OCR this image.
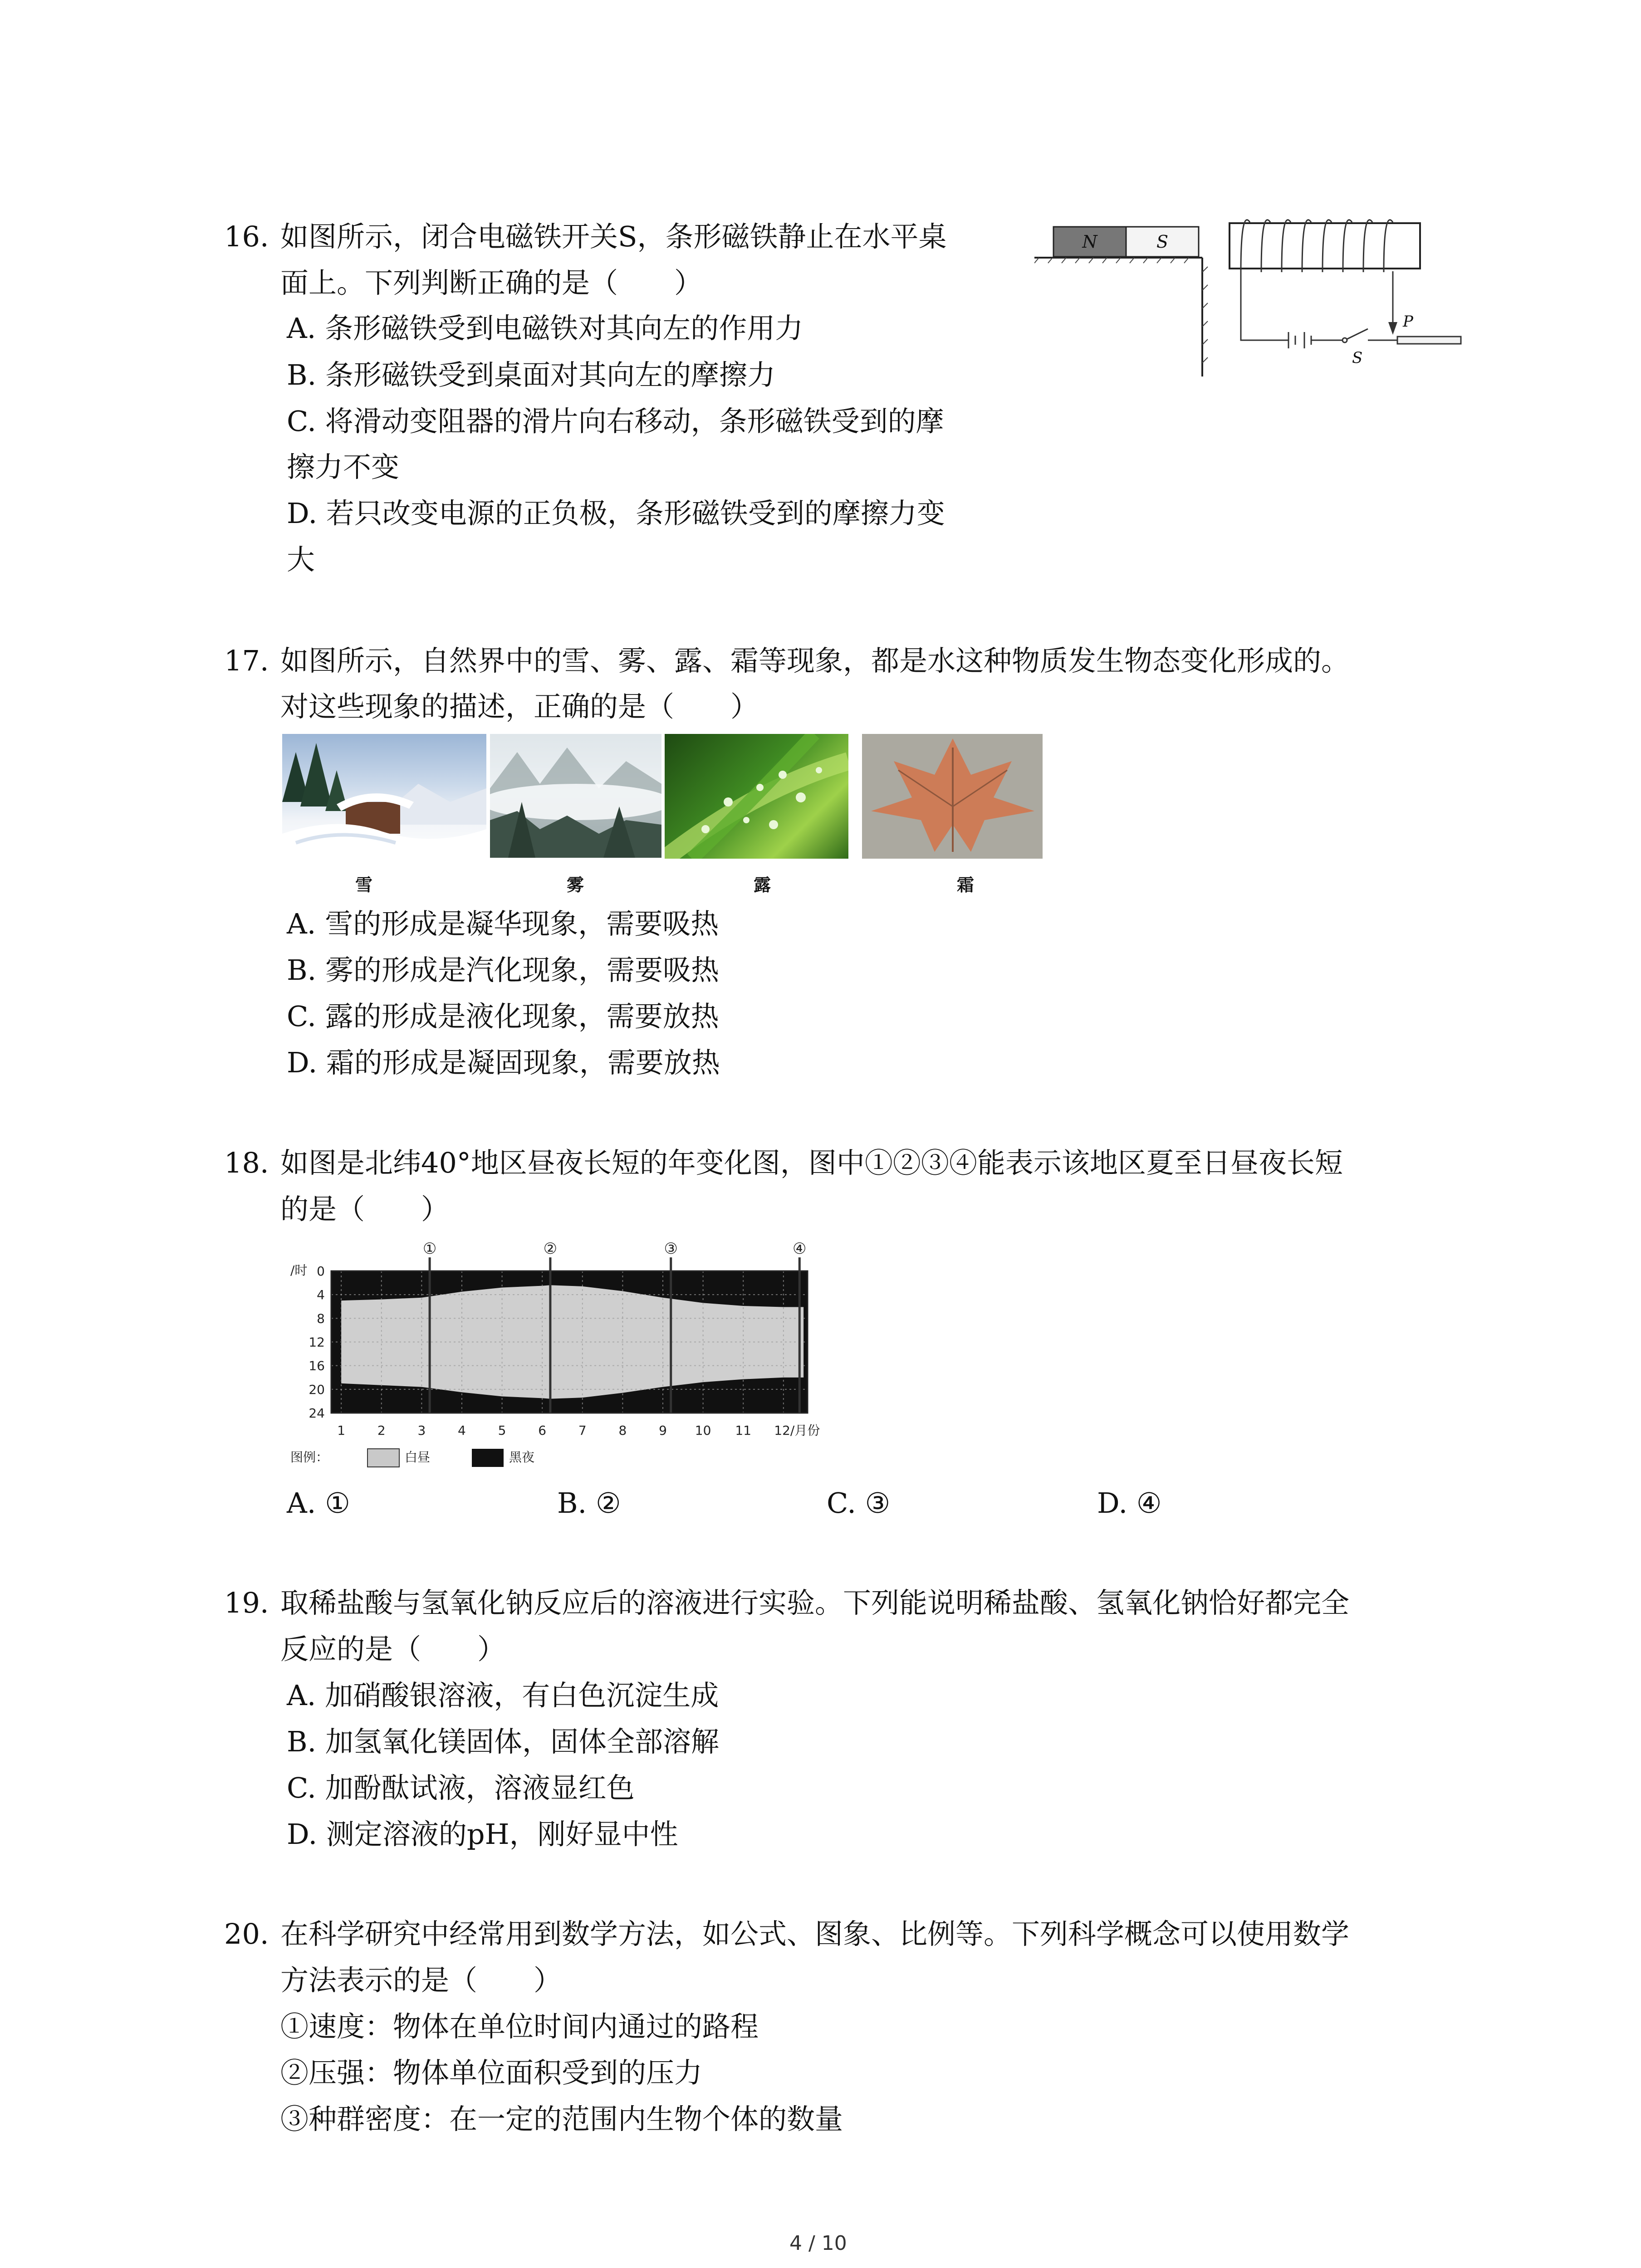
16. 如图所示，闭合电磁铁开关S，条形磁铁静止在水平桌
面上。下列判断正确的是（　　）
A. 条形磁铁受到电磁铁对其向左的作用力
B. 条形磁铁受到桌面对其向左的摩擦力
C. 将滑动变阻器的滑片向右移动，条形磁铁受到的摩
擦力不变
D. 若只改变电源的正负极，条形磁铁受到的摩擦力变
大
N	S
S
P
17. 如图所示，自然界中的雪、雾、露、霜等现象，都是水这种物质发生物态变化形成的。
对这些现象的描述，正确的是（　　）
雪	雾	露	霜
A. 雪的形成是凝华现象，需要吸热
B. 雾的形成是汽化现象，需要吸热
C. 露的形成是液化现象，需要放热
D. 霜的形成是凝固现象，需要放热
18. 如图是北纬40°地区昼夜长短的年变化图，图中①②③④能表示该地区夏至日昼夜长短
的是（　　）
①	②	③	④
/时 0
4
8
12
16
20
24
1	2	3	4	5	6	7	8	9 10 11 12/月份
图例：	白昼	黑夜
A. ①	B. ②	C. ③	D. ④
19. 取稀盐酸与氢氧化钠反应后的溶液进行实验。下列能说明稀盐酸、氢氧化钠恰好都完全
反应的是（　　）
A. 加硝酸银溶液，有白色沉淀生成
B. 加氢氧化镁固体，固体全部溶解
C. 加酚酞试液，溶液显红色
D. 测定溶液的pH，刚好显中性
20. 在科学研究中经常用到数学方法，如公式、图象、比例等。下列科学概念可以使用数学
方法表示的是（　　）
①速度：物体在单位时间内通过的路程
②压强：物体单位面积受到的压力
③种群密度：在一定的范围内生物个体的数量
4 / 10
